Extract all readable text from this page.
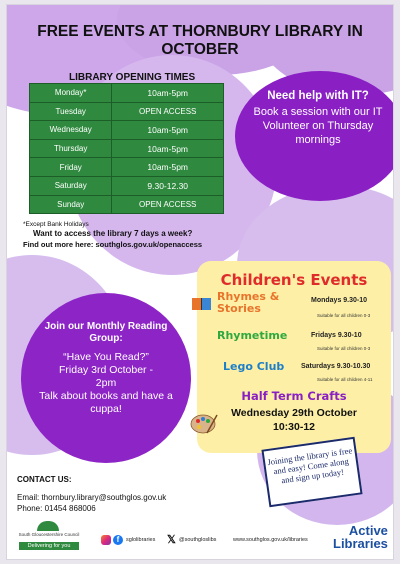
FREE EVENTS AT THORNBURY LIBRARY IN OCTOBER
LIBRARY OPENING TIMES
Monday*	10am-5pm
Tuesday	OPEN ACCESS
Wednesday	10am-5pm
Thursday	10am-5pm
Friday	10am-5pm
Saturday	9.30-12.30
Sunday	OPEN ACCESS
*Except Bank Holidays
Want to access the library 7 days a week?
Find out more here: southglos.gov.uk/openaccess
Need help with IT?
Book a session with our IT Volunteer on Thursday mornings
Join our Monthly Reading Group:
“Have You Read?”
Friday 3rd October -
2pm
Talk about books and have a cuppa!
Children's Events
Rhymes & Stories
Mondays 9.30-10
Suitable for all children 0-3
Rhymetime	Fridays 9.30-10
Suitable for all children 0-3
Lego Club Saturdays 9.30-10.30
Suitable for all children 4-11
Half Term Crafts
Wednesday 29th October
10:30-12
Joining the library is free and easy! Come along and sign up today!
CONTACT US:
Email: thornbury.library@southglos.gov.uk
Phone: 01454 868006
South Gloucestershire Council
Delivering for you
f	sglolibraries 𝕏 @southgloslibs	www.southglos.gov.uk/libraries
Active
Libraries
